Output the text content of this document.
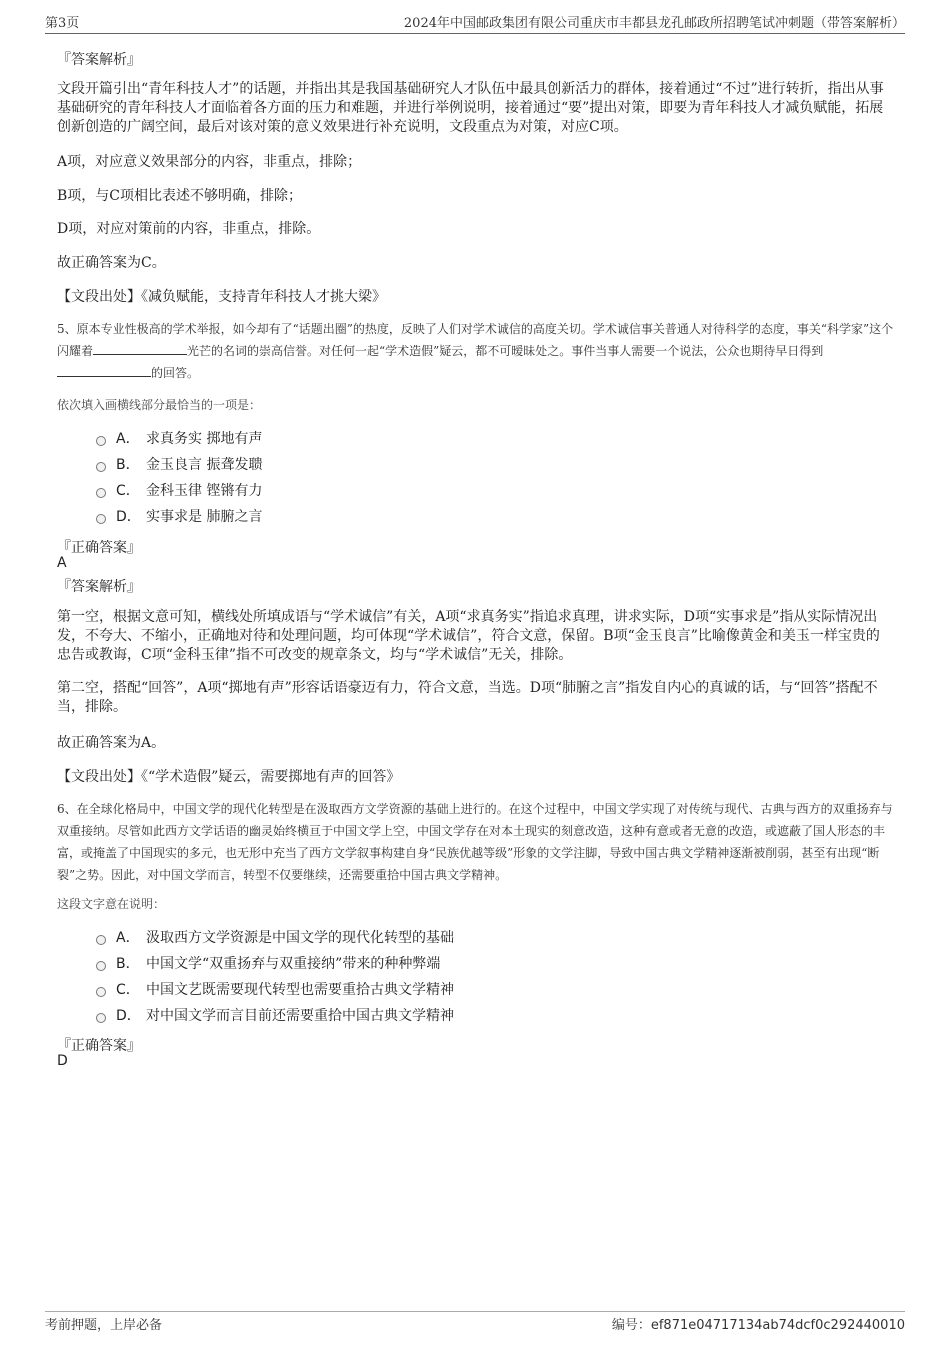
第3页	2024年中国邮政集团有限公司重庆市丰都县龙孔邮政所招聘笔试冲刺题（带答案解析）
『答案解析』
文段开篇引出“青年科技人才”的话题，并指出其是我国基础研究人才队伍中最具创新活力的群体，接着通过“不过”进行转折，指出从事基础研究的青年科技人才面临着各方面的压力和难题，并进行举例说明，接着通过“要”提出对策，即要为青年科技人才减负赋能，拓展创新创造的广阔空间，最后对该对策的意义效果进行补充说明，文段重点为对策，对应C项。
A项，对应意义效果部分的内容，非重点，排除；
B项，与C项相比表述不够明确，排除；
D项，对应对策前的内容，非重点，排除。
故正确答案为C。
【文段出处】《减负赋能，支持青年科技人才挑大梁》
5、原本专业性极高的学术举报，如今却有了“话题出圈”的热度，反映了人们对学术诚信的高度关切。学术诚信事关普通人对待科学的态度，事关“科学家”这个闪耀着	光芒的名词的崇高信誉。对任何一起“学术造假”疑云，都不可暧昧处之。事件当事人需要一个说法，公众也期待早日得到的回答。
依次填入画横线部分最恰当的一项是：
A． 求真务实 掷地有声
B． 金玉良言 振聋发聩
C． 金科玉律 铿锵有力
D． 实事求是 肺腑之言
『正确答案』
A
『答案解析』
第一空，根据文意可知，横线处所填成语与“学术诚信”有关，A项“求真务实”指追求真理，讲求实际，D项“实事求是”指从实际情况出发，不夸大、不缩小，正确地对待和处理问题，均可体现“学术诚信”，符合文意，保留。B项“金玉良言”比喻像黄金和美玉一样宝贵的忠告或教诲，C项“金科玉律”指不可改变的规章条文，均与“学术诚信”无关，排除。
第二空，搭配“回答”，A项“掷地有声”形容话语豪迈有力，符合文意，当选。D项“肺腑之言”指发自内心的真诚的话，与“回答”搭配不当，排除。
故正确答案为A。
【文段出处】《“学术造假”疑云，需要掷地有声的回答》
6、在全球化格局中，中国文学的现代化转型是在汲取西方文学资源的基础上进行的。在这个过程中，中国文学实现了对传统与现代、古典与西方的双重扬弃与双重接纳。尽管如此西方文学话语的幽灵始终横亘于中国文学上空，中国文学存在对本土现实的刻意改造，这种有意或者无意的改造，或遮蔽了国人形态的丰富，或掩盖了中国现实的多元，也无形中充当了西方文学叙事构建自身“民族优越等级”形象的文学注脚，导致中国古典文学精神逐渐被削弱，甚至有出现“断裂”之势。因此，对中国文学而言，转型不仅要继续，还需要重拾中国古典文学精神。
这段文字意在说明：
A． 汲取西方文学资源是中国文学的现代化转型的基础
B． 中国文学“双重扬弃与双重接纳”带来的种种弊端
C． 中国文艺既需要现代转型也需要重拾古典文学精神
D． 对中国文学而言目前还需要重拾中国古典文学精神
『正确答案』
D
考前押题，上岸必备	编号：ef871e04717134ab74dcf0c292440010
